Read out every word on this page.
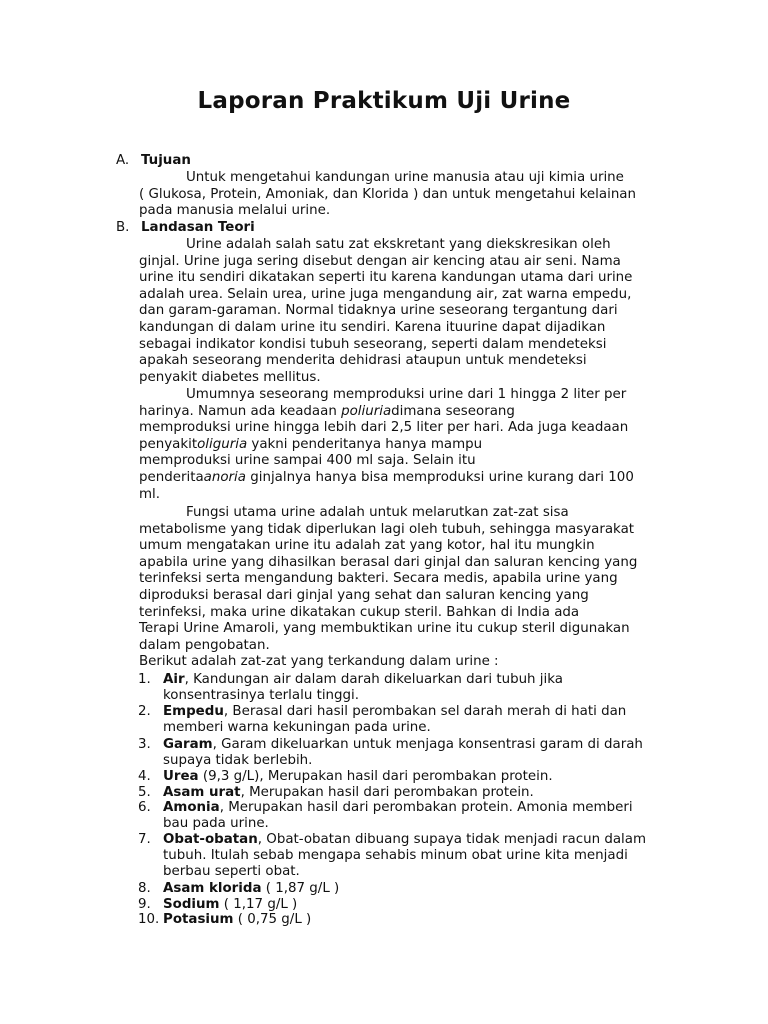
Laporan Praktikum Uji Urine
A. Tujuan
Untuk mengetahui kandungan urine manusia atau uji kimia urine
( Glukosa, Protein, Amoniak, dan Klorida ) dan untuk mengetahui kelainan
pada manusia melalui urine.
B. Landasan Teori
Urine adalah salah satu zat ekskretant yang diekskresikan oleh
ginjal. Urine juga sering disebut dengan air kencing atau air seni. Nama
urine itu sendiri dikatakan seperti itu karena kandungan utama dari urine
adalah urea. Selain urea, urine juga mengandung air, zat warna empedu,
dan garam-garaman. Normal tidaknya urine seseorang tergantung dari
kandungan di dalam urine itu sendiri. Karena ituurine dapat dijadikan
sebagai indikator kondisi tubuh seseorang, seperti dalam mendeteksi
apakah seseorang menderita dehidrasi ataupun untuk mendeteksi
penyakit diabetes mellitus.
Umumnya seseorang memproduksi urine dari 1 hingga 2 liter per
harinya. Namun ada keadaan poliuriadimana seseorang
memproduksi urine hingga lebih dari 2,5 liter per hari. Ada juga keadaan
penyakitoliguria yakni penderitanya hanya mampu
memproduksi urine sampai 400 ml saja. Selain itu
penderitaanoria ginjalnya hanya bisa memproduksi urine kurang dari 100
ml.
Fungsi utama urine adalah untuk melarutkan zat-zat sisa
metabolisme yang tidak diperlukan lagi oleh tubuh, sehingga masyarakat
umum mengatakan urine itu adalah zat yang kotor, hal itu mungkin
apabila urine yang dihasilkan berasal dari ginjal dan saluran kencing yang
terinfeksi serta mengandung bakteri. Secara medis, apabila urine yang
diproduksi berasal dari ginjal yang sehat dan saluran kencing yang
terinfeksi, maka urine dikatakan cukup steril. Bahkan di India ada
Terapi Urine Amaroli, yang membuktikan urine itu cukup steril digunakan
dalam pengobatan.
Berikut adalah zat-zat yang terkandung dalam urine :
1. Air, Kandungan air dalam darah dikeluarkan dari tubuh jika
konsentrasinya terlalu tinggi.
2. Empedu, Berasal dari hasil perombakan sel darah merah di hati dan
memberi warna kekuningan pada urine.
3. Garam, Garam dikeluarkan untuk menjaga konsentrasi garam di darah
supaya tidak berlebih.
4. Urea (9,3 g/L), Merupakan hasil dari perombakan protein.
5. Asam urat, Merupakan hasil dari perombakan protein.
6. Amonia, Merupakan hasil dari perombakan protein. Amonia memberi
bau pada urine.
7. Obat-obatan, Obat-obatan dibuang supaya tidak menjadi racun dalam
tubuh. Itulah sebab mengapa sehabis minum obat urine kita menjadi
berbau seperti obat.
8. Asam klorida ( 1,87 g/L )
9. Sodium ( 1,17 g/L )
10. Potasium ( 0,75 g/L )
